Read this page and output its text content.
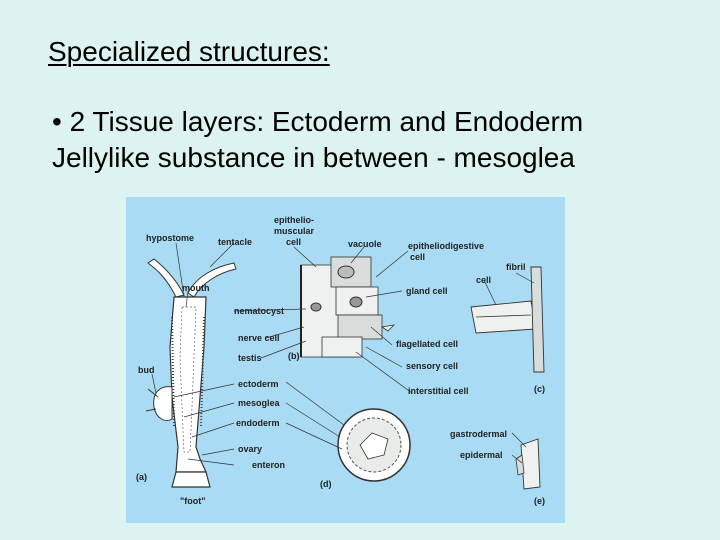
Specialized structures:
• 2 Tissue layers: Ectoderm and Endoderm
Jellylike substance in between - mesoglea
hypostome	tentacle
epithelio-
muscular
cell	vacuole	epitheliodigestive
cell
mouth
fibril
cell
gland cell
nematocyst
nerve cell
flagellated cell
testis	(b)
sensory cell
bud
interstitial cell	(c)
ectoderm
mesoglea
endoderm
gastrodermal
ovary
epidermal
enteron
(a)
(d)
"foot"	(e)
